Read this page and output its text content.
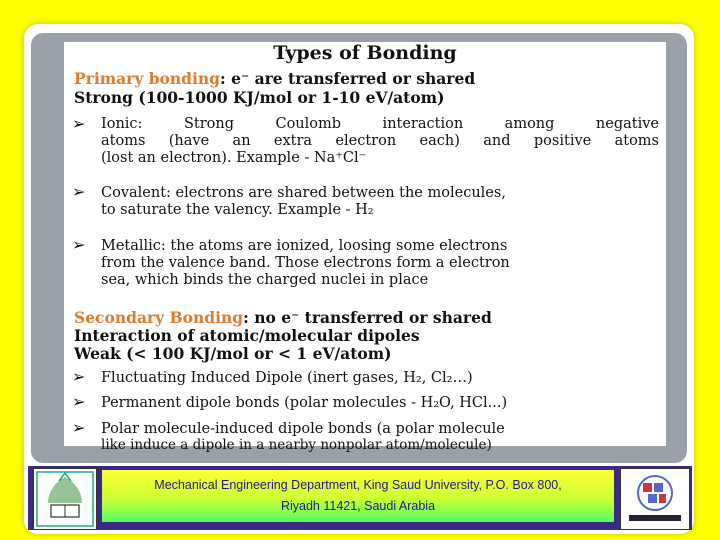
Types of Bonding
Primary bonding: e⁻ are transferred or shared
Strong (100-1000 KJ/mol or 1-10 eV/atom)
➢ Ionic: Strong Coulomb interaction among negative
atoms (have an extra electron each) and positive atoms
(lost an electron). Example - Na⁺Cl⁻
➢ Covalent: electrons are shared between the molecules,
to saturate the valency. Example - H₂
➢ Metallic: the atoms are ionized, loosing some electrons
from the valence band. Those electrons form a electron
sea, which binds the charged nuclei in place
Secondary Bonding: no e⁻ transferred or shared
Interaction of atomic/molecular dipoles
Weak (< 100 KJ/mol or < 1 eV/atom)
➢ Fluctuating Induced Dipole (inert gases, H₂, Cl₂…)
➢ Permanent dipole bonds (polar molecules - H₂O, HCl...)
➢ Polar molecule-induced dipole bonds (a polar molecule
like induce a dipole in a nearby nonpolar atom/molecule)
Mechanical Engineering Department, King Saud University, P.O. Box 800,
Riyadh 11421, Saudi Arabia
